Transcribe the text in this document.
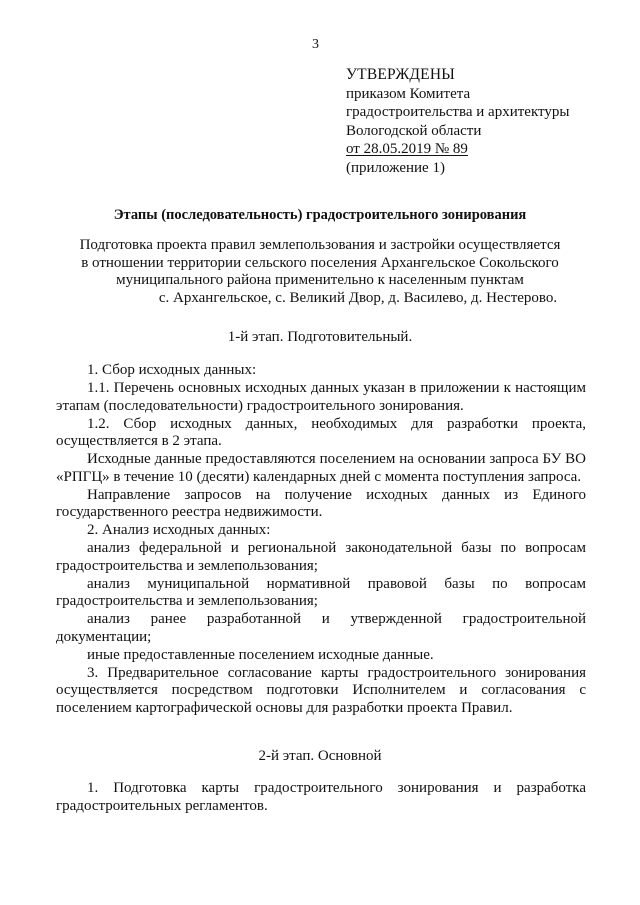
3
УТВЕРЖДЕНЫ
приказом Комитета
градостроительства и архитектуры
Вологодской области
от 28.05.2019 № 89
(приложение 1)
Этапы (последовательность) градостроительного зонирования
Подготовка проекта правил землепользования и застройки осуществляется
в отношении территории сельского поселения Архангельское Сокольского
муниципального района применительно к населенным пунктам
с. Архангельское, с. Великий Двор, д. Василево, д. Нестерово.
1-й этап. Подготовительный.

1. Сбор исходных данных:

1.1. Перечень основных исходных данных указан в приложении к настоящим этапам (последовательности) градостроительного зонирования.

1.2. Сбор исходных данных, необходимых для разработки проекта, осуществляется в 2 этапа.

Исходные данные предоставляются поселением на основании запроса БУ ВО «РПГЦ» в течение 10 (десяти) календарных дней с момента поступления запроса.

Направление запросов на получение исходных данных из Единого государственного реестра недвижимости.

2. Анализ исходных данных:

анализ федеральной и региональной законодательной базы по вопросам градостроительства и землепользования;

анализ муниципальной нормативной правовой базы по вопросам градостроительства и землепользования;

анализ ранее разработанной и утвержденной градостроительной документации;

иные предоставленные поселением исходные данные.

3. Предварительное согласование карты градостроительного зонирования осуществляется посредством подготовки Исполнителем и согласования с поселением картографической основы для разработки проекта Правил.

2-й этап. Основной

1. Подготовка карты градостроительного зонирования и разработка градостроительных регламентов.
